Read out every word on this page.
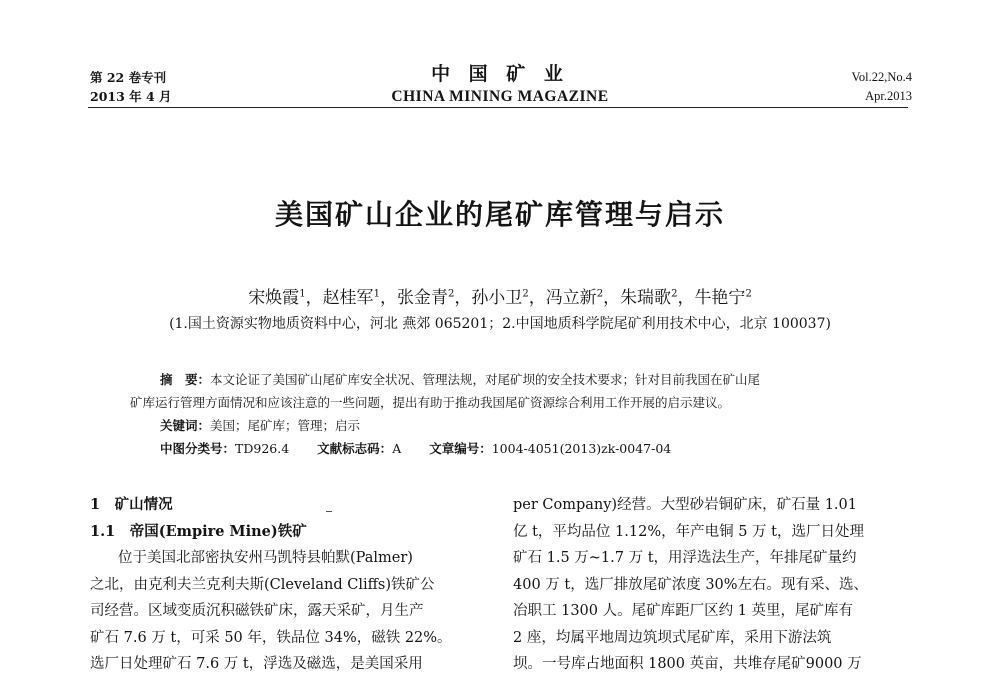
第 22 卷专刊
2013 年 4 月
中 国 矿 业
CHINA MINING MAGAZINE
Vol.22,No.4
Apr.2013
美国矿山企业的尾矿库管理与启示
宋焕霞$^1$，赵桂军$^1$，张金青$^2$，孙小卫$^2$，冯立新$^2$，朱瑞歌$^2$，牛艳宁$^2$
(1.国土资源实物地质资料中心，河北 燕郊 065201；2.中国地质科学院尾矿利用技术中心，北京 100037)
摘　要：本文论证了美国矿山尾矿库安全状况、管理法规，对尾矿坝的安全技术要求；针对目前我国在矿山尾
矿库运行管理方面情况和应该注意的一些问题，提出有助于推动我国尾矿资源综合利用工作开展的启示建议。
关键词：美国；尾矿库；管理；启示
中图分类号：TD926.4 文献标志码：A 文章编号：1004-4051(2013)zk-0047-04
1　矿山情况
1.1　帝国(Empire Mine)铁矿
位于美国北部密执安州马凯特县帕默(Palmer)
之北，由克利夫兰克利夫斯(Cleveland Cliffs)铁矿公
司经营。区域变质沉积磁铁矿床，露天采矿，月生产
矿石 7.6 万 t，可采 50 年，铁品位 34%，磁铁 22%。
选厂日处理矿石 7.6 万 t，浮选及磁选，是美国采用
per Company)经营。大型砂岩铜矿床，矿石量 1.01
亿 t，平均品位 1.12%，年产电铜 5 万 t，选厂日处理
矿石 1.5 万~1.7 万 t，用浮选法生产，年排尾矿量约
400 万 t，选厂排放尾矿浓度 30%左右。现有采、选、
冶职工 1300 人。尾矿库距厂区约 1 英里，尾矿库有
2 座，均属平地周边筑坝式尾矿库，采用下游法筑
坝。一号库占地面积 1800 英亩，共堆存尾矿9000 万
